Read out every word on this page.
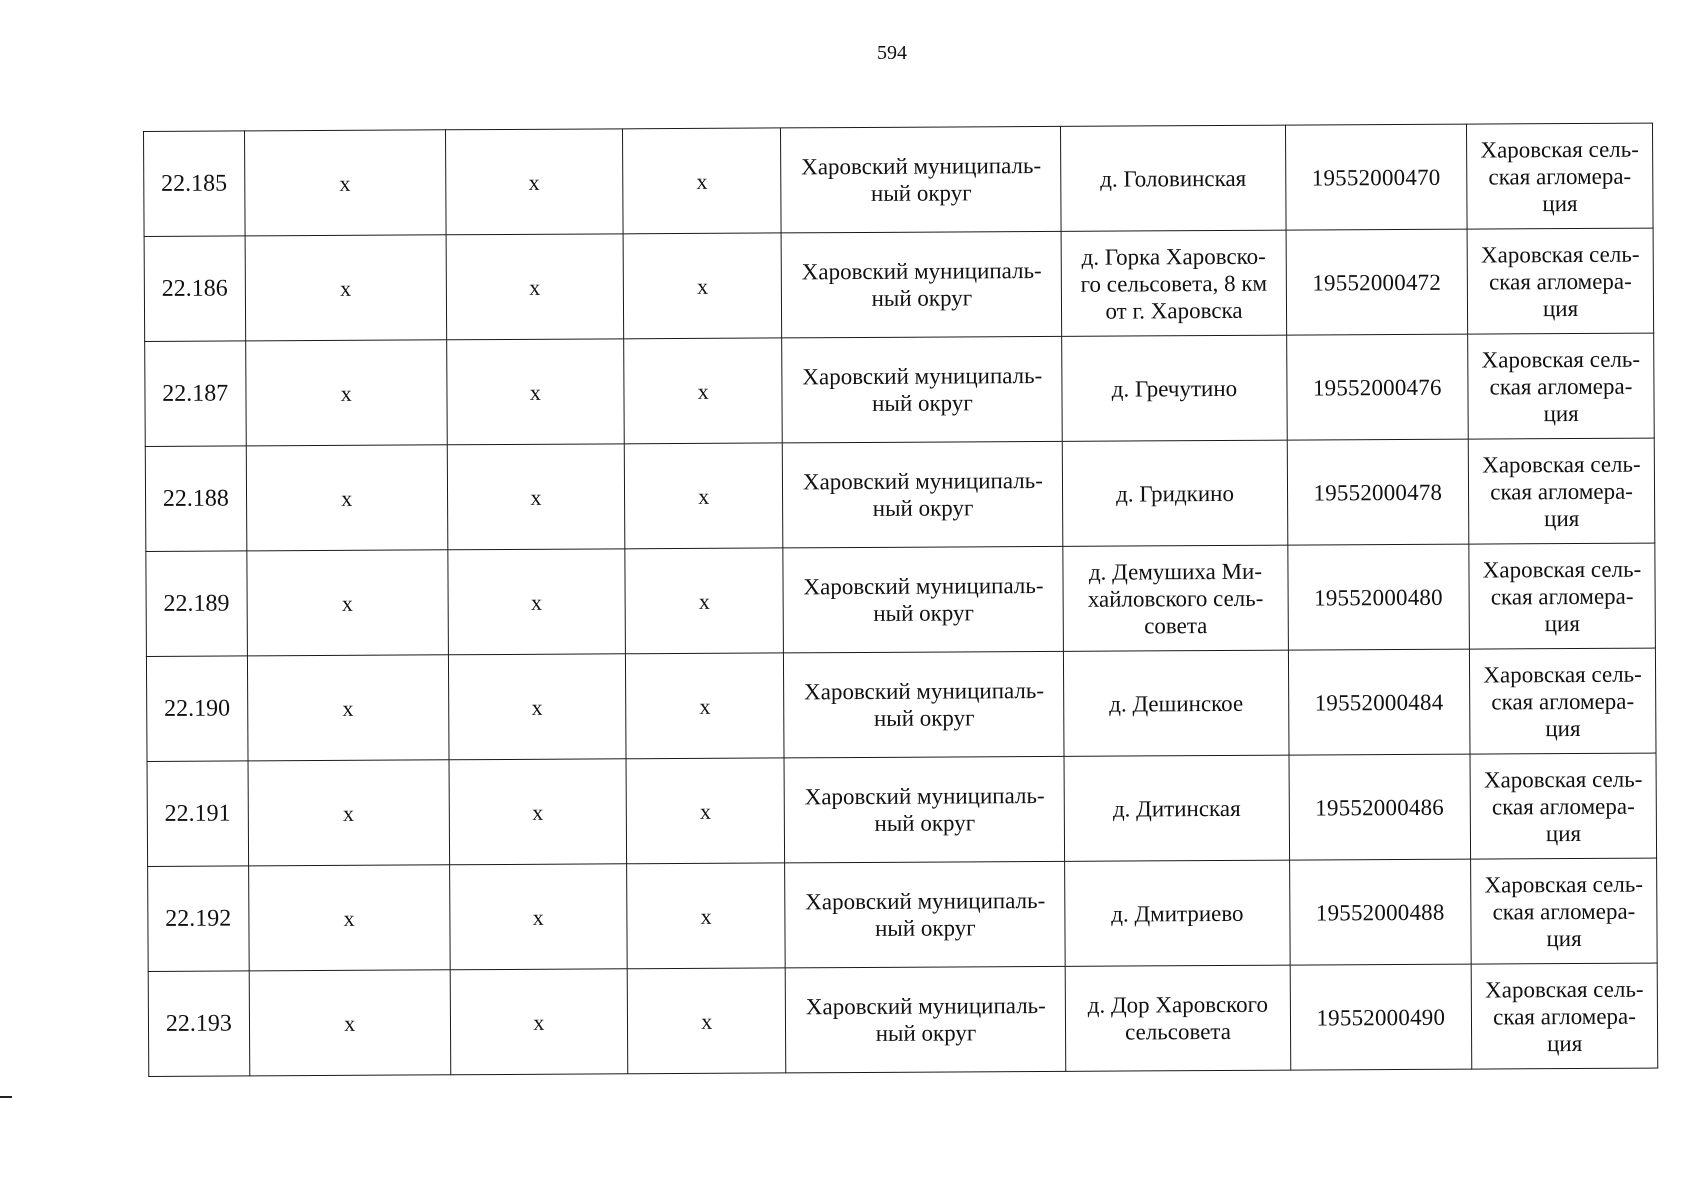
594
22.185	х	х	х	Харовский муниципаль-
ный округ	д. Головинская	19552000470	Харовская сель-
ская агломера-
ция
22.186	х	х	х	Харовский муниципаль-
ный округ	д. Горка Харовско-
го сельсовета, 8 км
от г. Харовска	19552000472	Харовская сель-
ская агломера-
ция
22.187	х	х	х	Харовский муниципаль-
ный округ	д. Гречутино	19552000476	Харовская сель-
ская агломера-
ция
22.188	х	х	х	Харовский муниципаль-
ный округ	д. Гридкино	19552000478	Харовская сель-
ская агломера-
ция
22.189	х	х	х	Харовский муниципаль-
ный округ	д. Демушиха Ми-
хайловского сель-
совета	19552000480	Харовская сель-
ская агломера-
ция
22.190	х	х	х	Харовский муниципаль-
ный округ	д. Дешинское	19552000484	Харовская сель-
ская агломера-
ция
22.191	х	х	х	Харовский муниципаль-
ный округ	д. Дитинская	19552000486	Харовская сель-
ская агломера-
ция
22.192	х	х	х	Харовский муниципаль-
ный округ	д. Дмитриево	19552000488	Харовская сель-
ская агломера-
ция
22.193	х	х	х	Харовский муниципаль-
ный округ	д. Дор Харовского
сельсовета	19552000490	Харовская сель-
ская агломера-
ция
